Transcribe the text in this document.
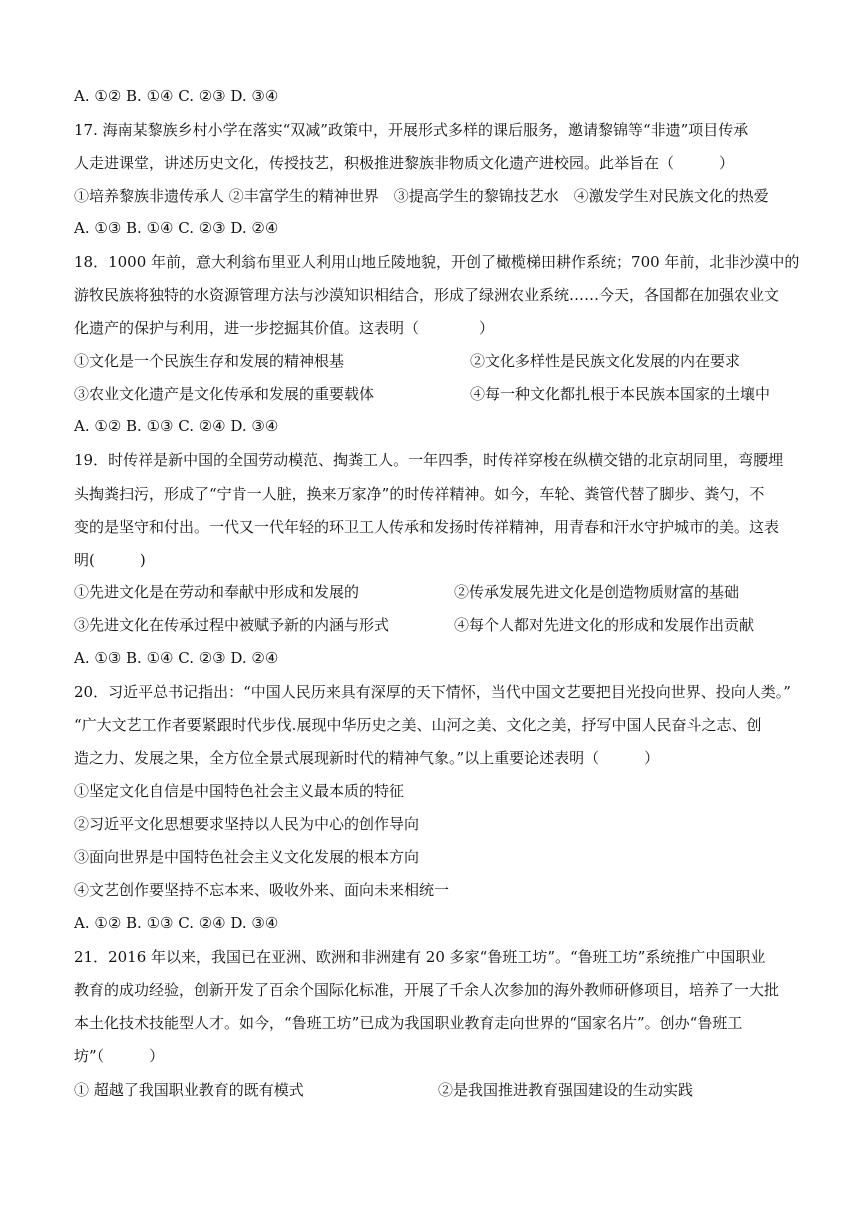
A. ①② B. ①④ C. ②③ D. ③④
17. 海南某黎族乡村小学在落实“双减”政策中，开展形式多样的课后服务，邀请黎锦等“非遗”项目传承
人走进课堂，讲述历史文化，传授技艺，积极推进黎族非物质文化遗产进校园。此举旨在（　　　）
①培养黎族非遗传承人 ②丰富学生的精神世界　③提高学生的黎锦技艺水　④激发学生对民族文化的热爱
A. ①③ B. ①④ C. ②③ D. ②④
18．1000 年前，意大利翁布里亚人利用山地丘陵地貌，开创了橄榄梯田耕作系统；700 年前，北非沙漠中的
游牧民族将独特的水资源管理方法与沙漠知识相结合，形成了绿洲农业系统……今天，各国都在加强农业文
化遗产的保护与利用，进一步挖掘其价值。这表明（　　　　）
①文化是一个民族生存和发展的精神根基	②文化多样性是民族文化发展的内在要求
③农业文化遗产是文化传承和发展的重要载体	④每一种文化都扎根于本民族本国家的土壤中
A. ①② B. ①③ C. ②④ D. ③④
19．时传祥是新中国的全国劳动模范、掏粪工人。一年四季，时传祥穿梭在纵横交错的北京胡同里，弯腰埋
头掏粪扫污，形成了“宁肯一人脏，换来万家净”的时传祥精神。如今，车轮、粪管代替了脚步、粪勺，不
变的是坚守和付出。一代又一代年轻的环卫工人传承和发扬时传祥精神，用青春和汗水守护城市的美。这表
明(　　　)
①先进文化是在劳动和奉献中形成和发展的	②传承发展先进文化是创造物质财富的基础
③先进文化在传承过程中被赋予新的内涵与形式	④每个人都对先进文化的形成和发展作出贡献
A. ①③ B. ①④ C. ②③ D. ②④
20．习近平总书记指出：“中国人民历来具有深厚的天下情怀，当代中国文艺要把目光投向世界、投向人类。”
“广大文艺工作者要紧跟时代步伐.展现中华历史之美、山河之美、文化之美，抒写中国人民奋斗之志、创
造之力、发展之果，全方位全景式展现新时代的精神气象。”以上重要论述表明（　　　）
①坚定文化自信是中国特色社会主义最本质的特征
②习近平文化思想要求坚持以人民为中心的创作导向
③面向世界是中国特色社会主义文化发展的根本方向
④文艺创作要坚持不忘本来、吸收外来、面向未来相统一
A. ①② B. ①③ C. ②④ D. ③④
21．2016 年以来，我国已在亚洲、欧洲和非洲建有 20 多家“鲁班工坊”。“鲁班工坊”系统推广中国职业
教育的成功经验，创新开发了百余个国际化标准，开展了千余人次参加的海外教师研修项目，培养了一大批
本土化技术技能型人才。如今，“鲁班工坊”已成为我国职业教育走向世界的“国家名片”。创办“鲁班工
坊”（　　　）
① 超越了我国职业教育的既有模式	②是我国推进教育强国建设的生动实践
